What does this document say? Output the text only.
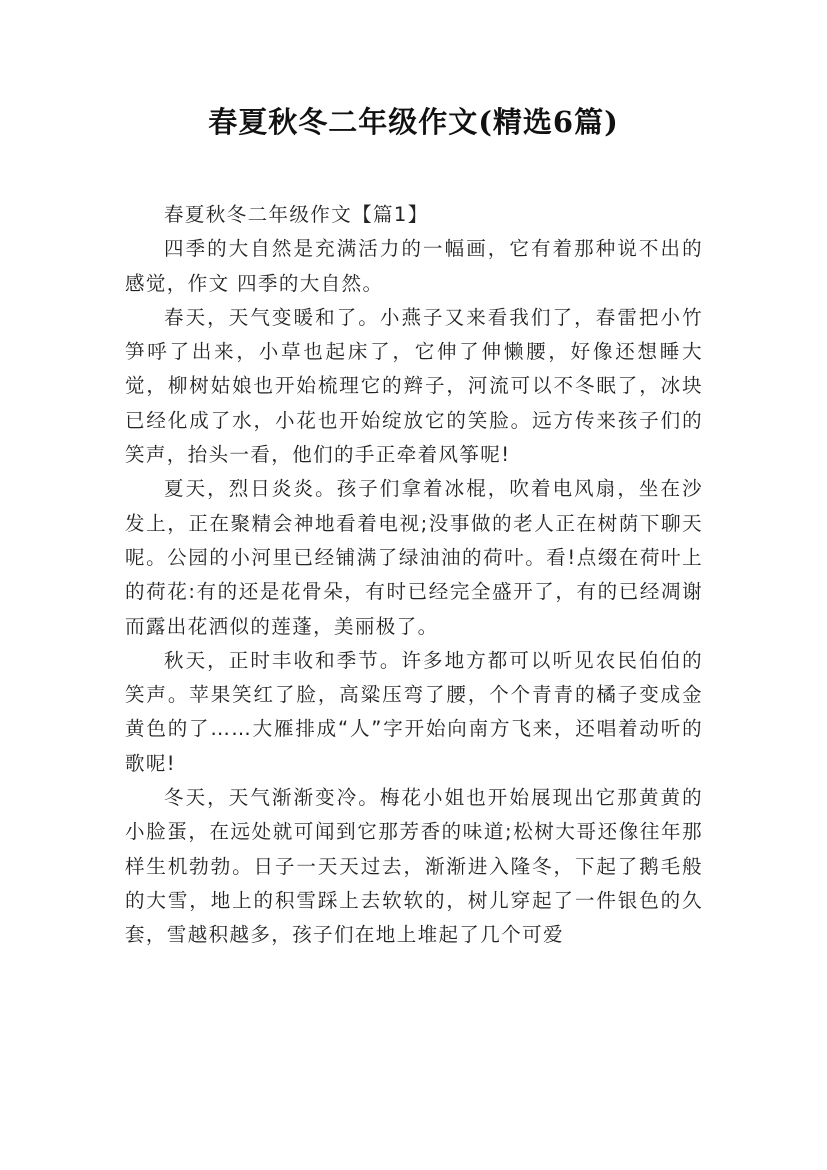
春夏秋冬二年级作文(精选6篇)

春夏秋冬二年级作文【篇1】

四季的大自然是充满活力的一幅画，它有着那种说不出的感觉，作文 四季的大自然。

春天，天气变暖和了。小燕子又来看我们了，春雷把小竹笋呼了出来，小草也起床了，它伸了伸懒腰，好像还想睡大觉，柳树姑娘也开始梳理它的辫子，河流可以不冬眠了，冰块已经化成了水，小花也开始绽放它的笑脸。远方传来孩子们的笑声，抬头一看，他们的手正牵着风筝呢!

夏天，烈日炎炎。孩子们拿着冰棍，吹着电风扇，坐在沙发上，正在聚精会神地看着电视;没事做的老人正在树荫下聊天呢。公园的小河里已经铺满了绿油油的荷叶。看!点缀在荷叶上的荷花:有的还是花骨朵，有时已经完全盛开了，有的已经凋谢而露出花洒似的莲蓬，美丽极了。

秋天，正时丰收和季节。许多地方都可以听见农民伯伯的笑声。苹果笑红了脸，高粱压弯了腰，个个青青的橘子变成金黄色的了……大雁排成“人”字开始向南方飞来，还唱着动听的歌呢!

冬天，天气渐渐变冷。梅花小姐也开始展现出它那黄黄的小脸蛋，在远处就可闻到它那芳香的味道;松树大哥还像往年那样生机勃勃。日子一天天过去，渐渐进入隆冬，下起了鹅毛般的大雪，地上的积雪踩上去软软的，树儿穿起了一件银色的久套，雪越积越多，孩子们在地上堆起了几个可爱
